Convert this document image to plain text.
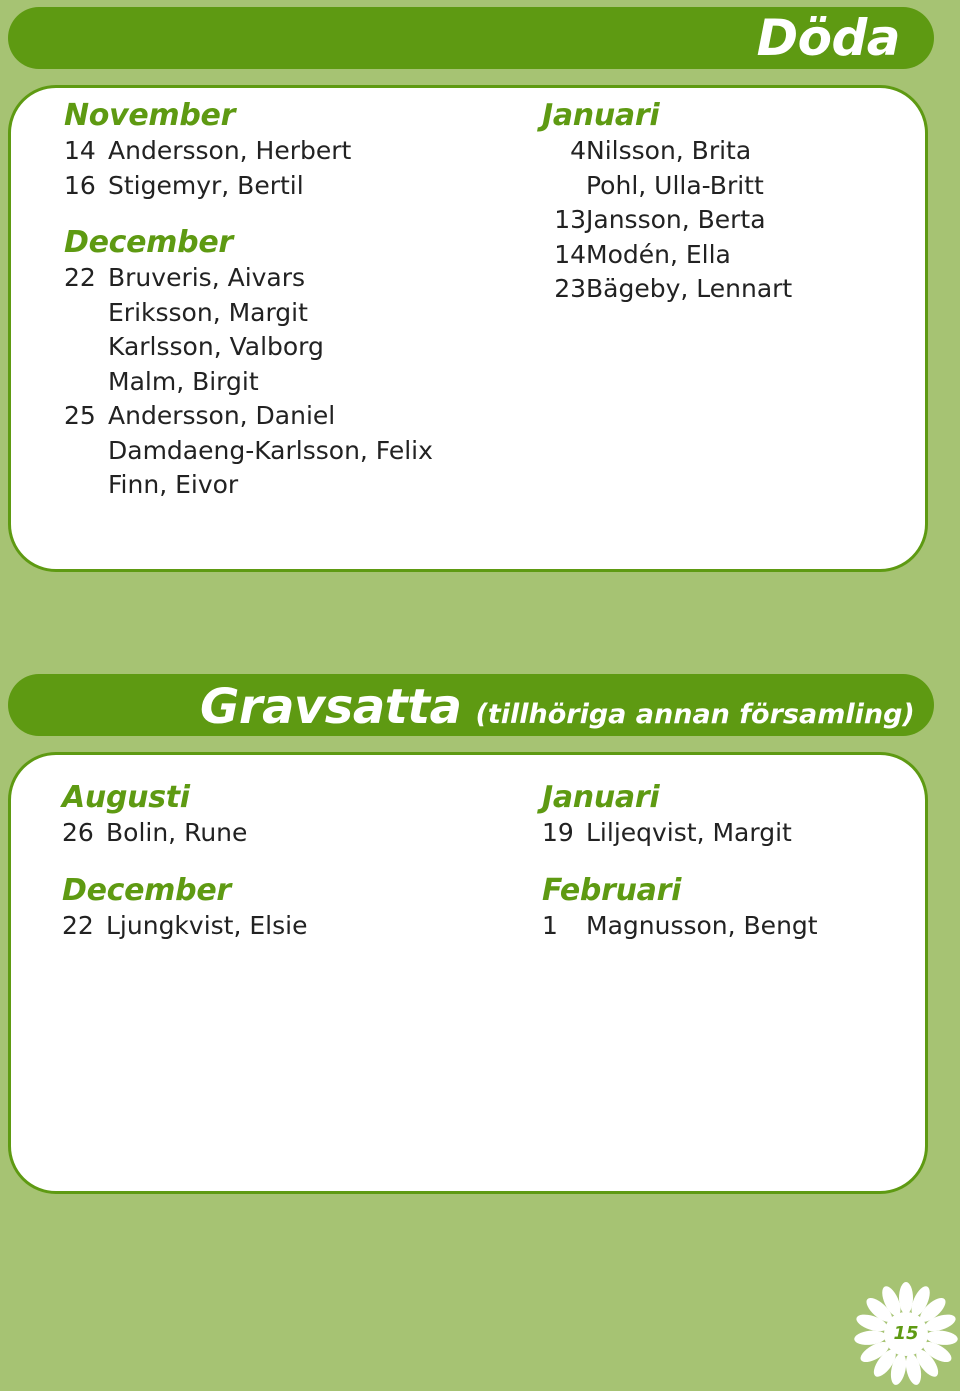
Döda
November
14 Andersson, Herbert
16 Stigemyr, Bertil
December
22 Bruveris, Aivars
Eriksson, Margit
Karlsson, Valborg
Malm, Birgit
25 Andersson, Daniel
Damdaeng-Karlsson, Felix
Finn, Eivor
Januari
4 Nilsson, Brita
Pohl, Ulla-Britt
13 Jansson, Berta
14 Modén, Ella
23 Bägeby, Lennart
Gravsatta (tillhöriga annan församling)
Augusti
26 Bolin, Rune
December
22 Ljungkvist, Elsie
Januari
19 Liljeqvist, Margit
Februari
1	Magnusson, Bengt
15
